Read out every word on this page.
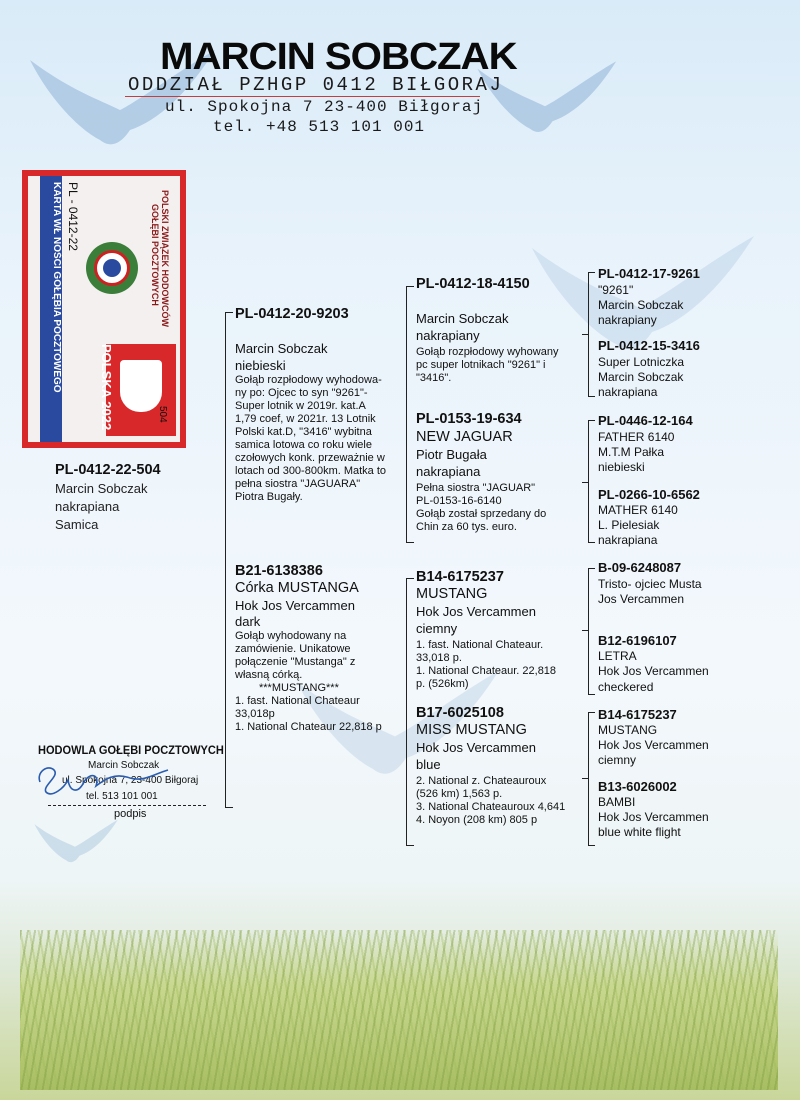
MARCIN SOBCZAK
ODDZIAŁ PZHGP 0412 BIŁGORAJ
ul. Spokojna 7 23-400 Biłgoraj
tel. +48 513 101 001
KARTA WŁ NOŚCI GOŁĘBIA POCZTOWEGO PL - 0412-22	POLSKI ZWIĄZEK HODOWCÓW
GOŁĘBI POCZTOWYCH
POLSKA 2022	504
PL-0412-22-504
Marcin Sobczak
nakrapiana
Samica
PL-0412-20-9203
Marcin Sobczak
niebieski
Gołąb rozpłodowy wyhodowa-
ny po: Ojcec to syn "9261"-
Super lotnik w 2019r. kat.A
1,79 coef, w 2021r. 13 Lotnik
Polski kat.D, "3416" wybitna
samica lotowa co roku wiele
czołowych konk. przeważnie w
lotach od 300-800km. Matka to
pełna siostra "JAGUARA"
Piotra Bugały.
B21-6138386
Córka MUSTANGA
Hok Jos Vercammen
dark
Gołąb wyhodowany na
zamówienie. Unikatowe
połączenie "Mustanga" z
własną córką.
***MUSTANG***
1. fast. National Chateaur
33,018p
1. National Chateaur 22,818 p
PL-0412-18-4150
Marcin Sobczak
nakrapiany
Gołąb rozpłodowy wyhowany
pc super lotnikach "9261" i
"3416".
PL-0153-19-634
NEW JAGUAR
Piotr Bugała
nakrapiana
Pełna siostra "JAGUAR"
PL-0153-16-6140
Gołąb został sprzedany do
Chin za 60 tys. euro.
B14-6175237
MUSTANG
Hok Jos Vercammen
ciemny
1. fast. National Chateaur.
33,018 p.
1. National Chateaur. 22,818
p. (526km)
B17-6025108
MISS MUSTANG
Hok Jos Vercammen
blue
2. National z. Chateauroux
(526 km) 1,563 p.
3. National Chateauroux 4,641
4. Noyon (208 km) 805 p
PL-0412-17-9261
"9261"
Marcin Sobczak
nakrapiany
PL-0412-15-3416
Super Lotniczka
Marcin Sobczak
nakrapiana
PL-0446-12-164
FATHER 6140
M.T.M Pałka
niebieski
PL-0266-10-6562
MATHER 6140
L. Pielesiak
nakrapiana
B-09-6248087
Tristo- ojciec Musta
Jos Vercammen
B12-6196107
LETRA
Hok Jos Vercammen
checkered
B14-6175237
MUSTANG
Hok Jos Vercammen
ciemny
B13-6026002
BAMBI
Hok Jos Vercammen
blue white flight
HODOWLA GOŁĘBI POCZTOWYCH
Marcin Sobczak
ul. Spokojna 7, 23-400 Biłgoraj
tel. 513 101 001
podpis
